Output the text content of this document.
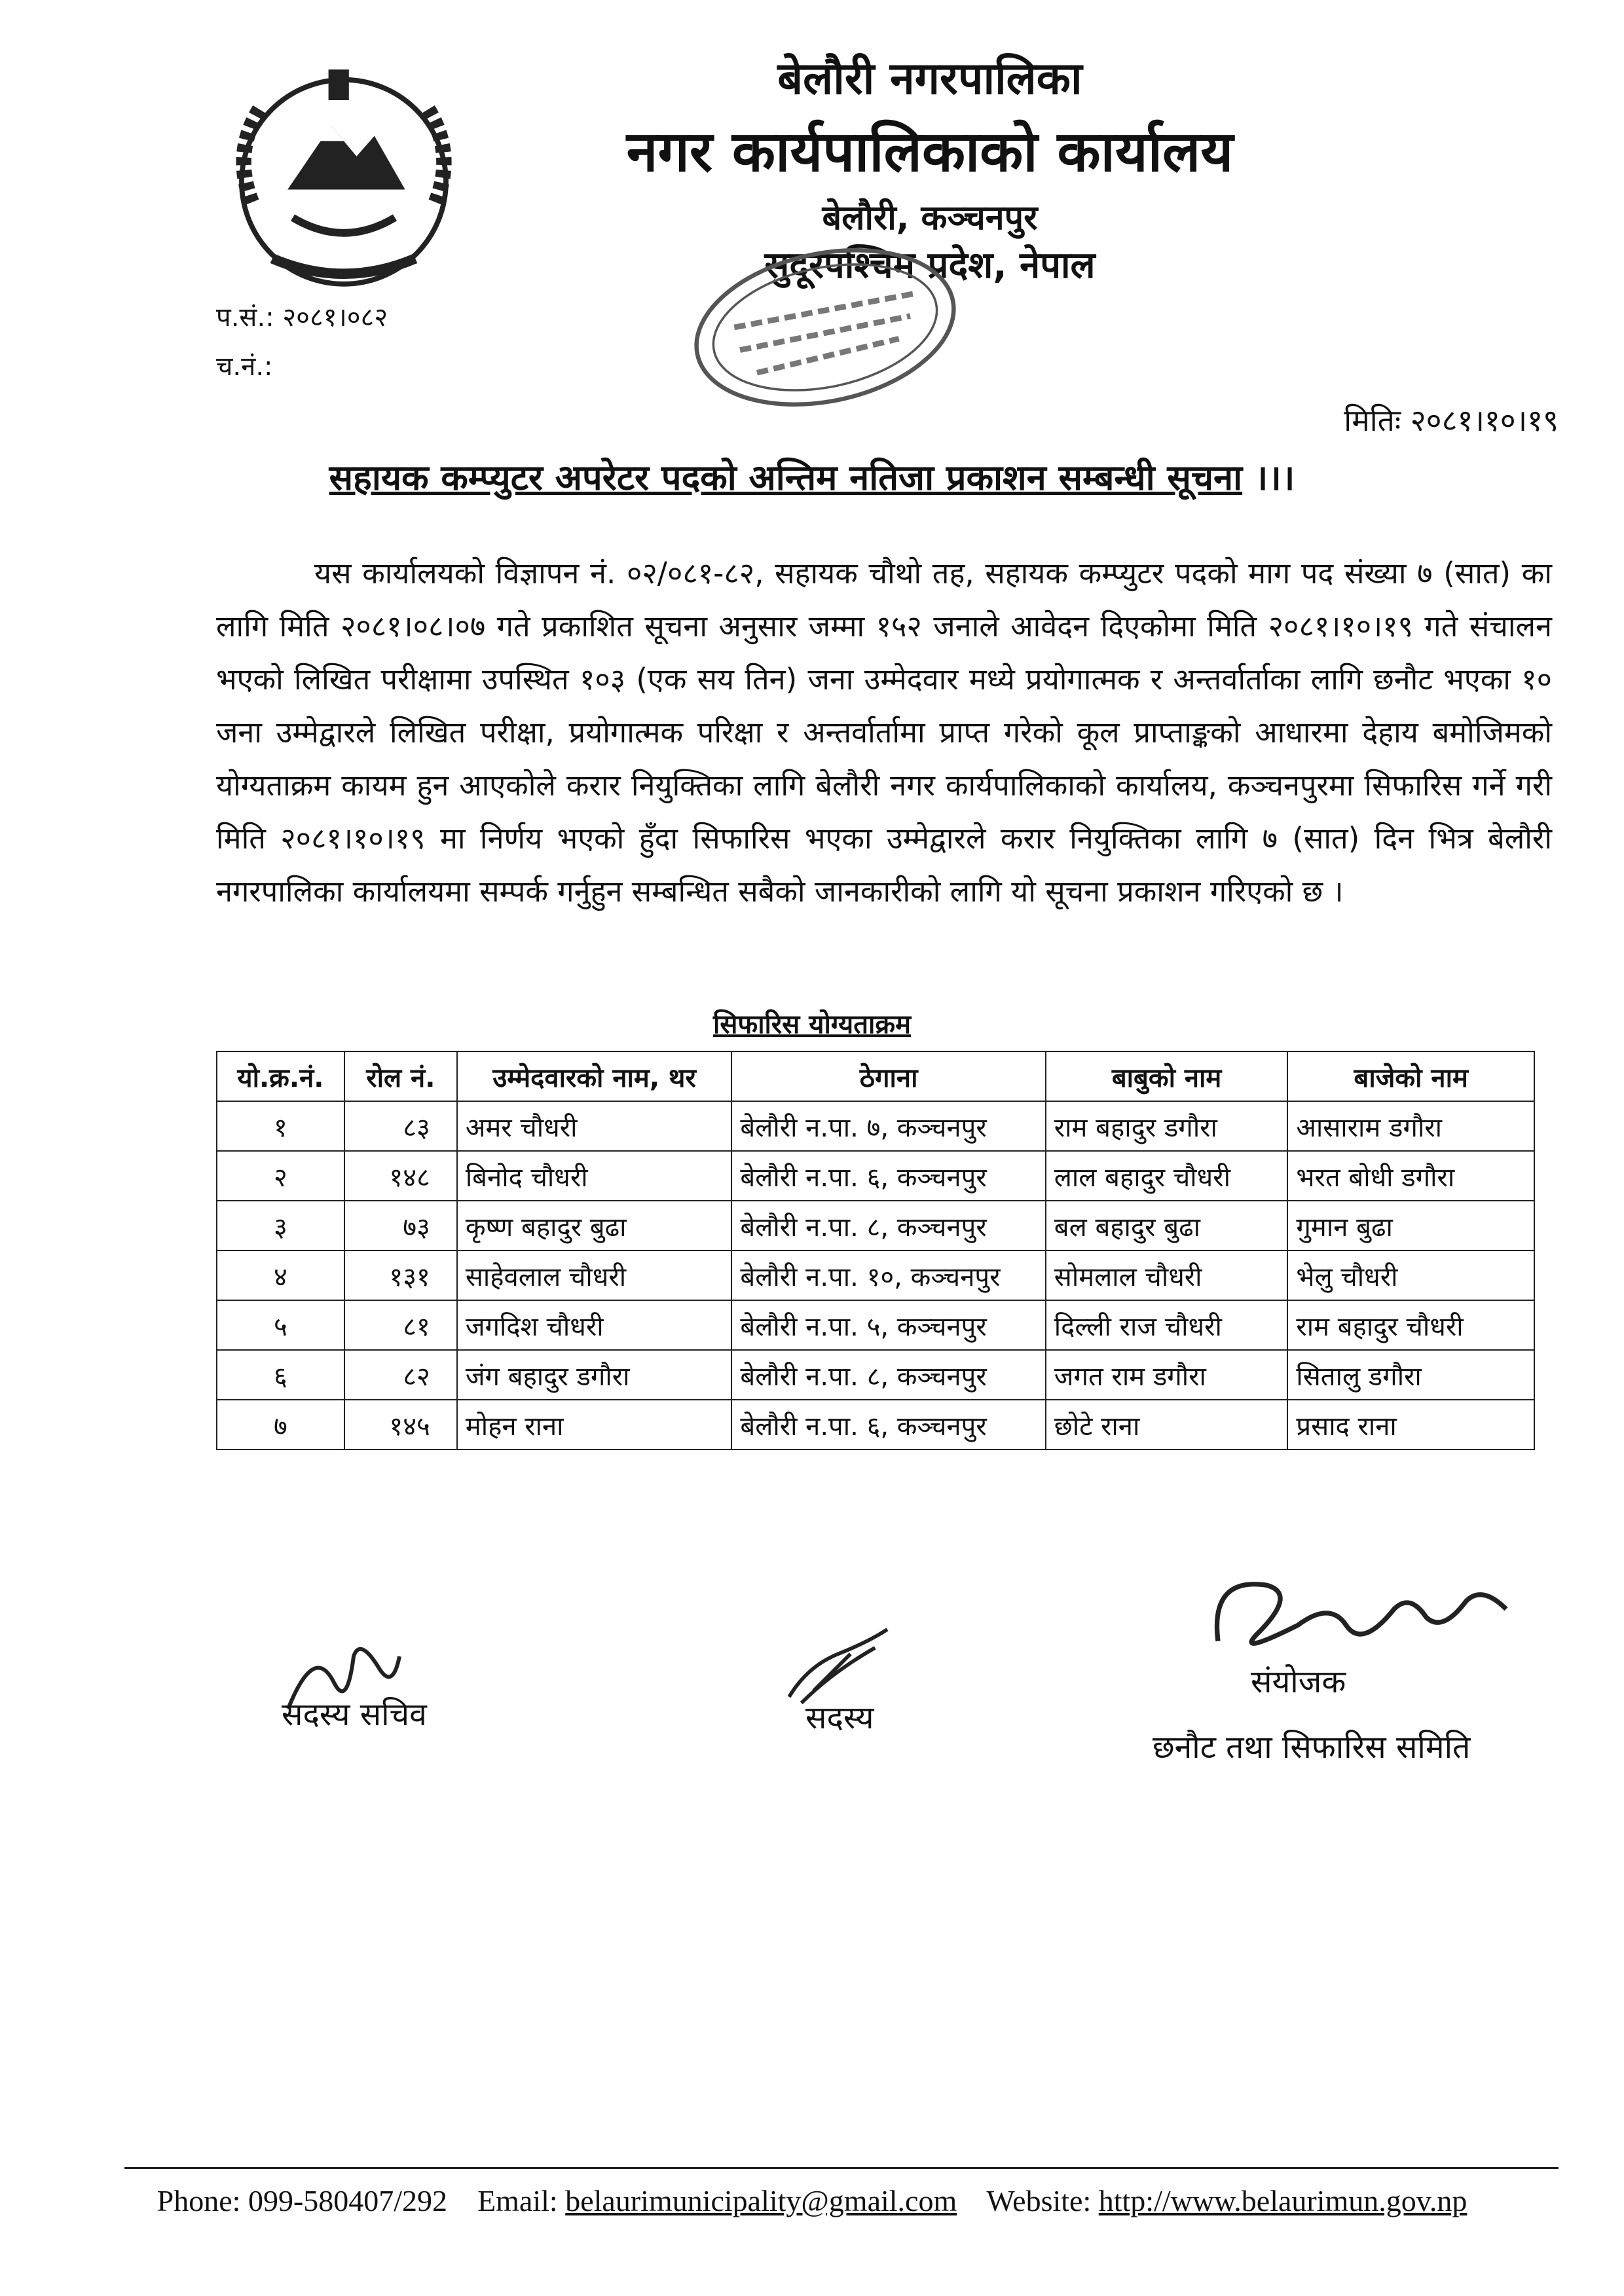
बेलौरी नगरपालिका
नगर कार्यपालिकाको कार्यालय
बेलौरी, कञ्चनपुर
सुदूरपश्चिम प्रदेश, नेपाल
प.सं.: २०८१।०८२
च.नं.:
मितिः २०८१।१०।१९
सहायक कम्प्युटर अपरेटर पदको अन्तिम नतिजा प्रकाशन सम्बन्धी सूचना ।।।
यस कार्यालयको विज्ञापन नं. ०२/०८१-८२, सहायक चौथो तह, सहायक कम्प्युटर पदको माग पद संख्या ७ (सात) का लागि मिति २०८१।०८।०७ गते प्रकाशित सूचना अनुसार जम्मा १५२ जनाले आवेदन दिएकोमा मिति २०८१।१०।१९ गते संचालन भएको लिखित परीक्षामा उपस्थित १०३ (एक सय तिन) जना उम्मेदवार मध्ये प्रयोगात्मक र अन्तर्वार्ताका लागि छनौट भएका १० जना उम्मेद्वारले लिखित परीक्षा, प्रयोगात्मक परिक्षा र अन्तर्वार्तामा प्राप्त गरेको कूल प्राप्ताङ्कको आधारमा देहाय बमोजिमको योग्यताक्रम कायम हुन आएकोले करार नियुक्तिका लागि बेलौरी नगर कार्यपालिकाको कार्यालय, कञ्चनपुरमा सिफारिस गर्ने गरी मिति २०८१।१०।१९ मा निर्णय भएको हुँदा सिफारिस भएका उम्मेद्वारले करार नियुक्तिका लागि ७ (सात) दिन भित्र बेलौरी नगरपालिका कार्यालयमा सम्पर्क गर्नुहुन सम्बन्धित सबैको जानकारीको लागि यो सूचना प्रकाशन गरिएको छ ।
सिफारिस योग्यताक्रम
यो.क्र.नं.	रोल नं.	उम्मेदवारको नाम, थर	ठेगाना	बाबुको नाम	बाजेको नाम
१	८३	अमर चौधरी	बेलौरी न.पा. ७, कञ्चनपुर	राम बहादुर डगौरा	आसाराम डगौरा
२	१४८	बिनोद चौधरी	बेलौरी न.पा. ६, कञ्चनपुर	लाल बहादुर चौधरी	भरत बोधी डगौरा
३	७३	कृष्ण बहादुर बुढा	बेलौरी न.पा. ८, कञ्चनपुर	बल बहादुर बुढा	गुमान बुढा
४	१३१	साहेवलाल चौधरी	बेलौरी न.पा. १०, कञ्चनपुर	सोमलाल चौधरी	भेलु चौधरी
५	८१	जगदिश चौधरी	बेलौरी न.पा. ५, कञ्चनपुर	दिल्ली राज चौधरी	राम बहादुर चौधरी
६	८२	जंग बहादुर डगौरा	बेलौरी न.पा. ८, कञ्चनपुर	जगत राम डगौरा	सितालु डगौरा
७	१४५	मोहन राना	बेलौरी न.पा. ६, कञ्चनपुर	छोटे राना	प्रसाद राना
सदस्य सचिव	सदस्य
संयोजक
छनौट तथा सिफारिस समिति
Phone: 099-580407/292 Email: belaurimunicipality@gmail.com Website: http://www.belaurimun.gov.np
